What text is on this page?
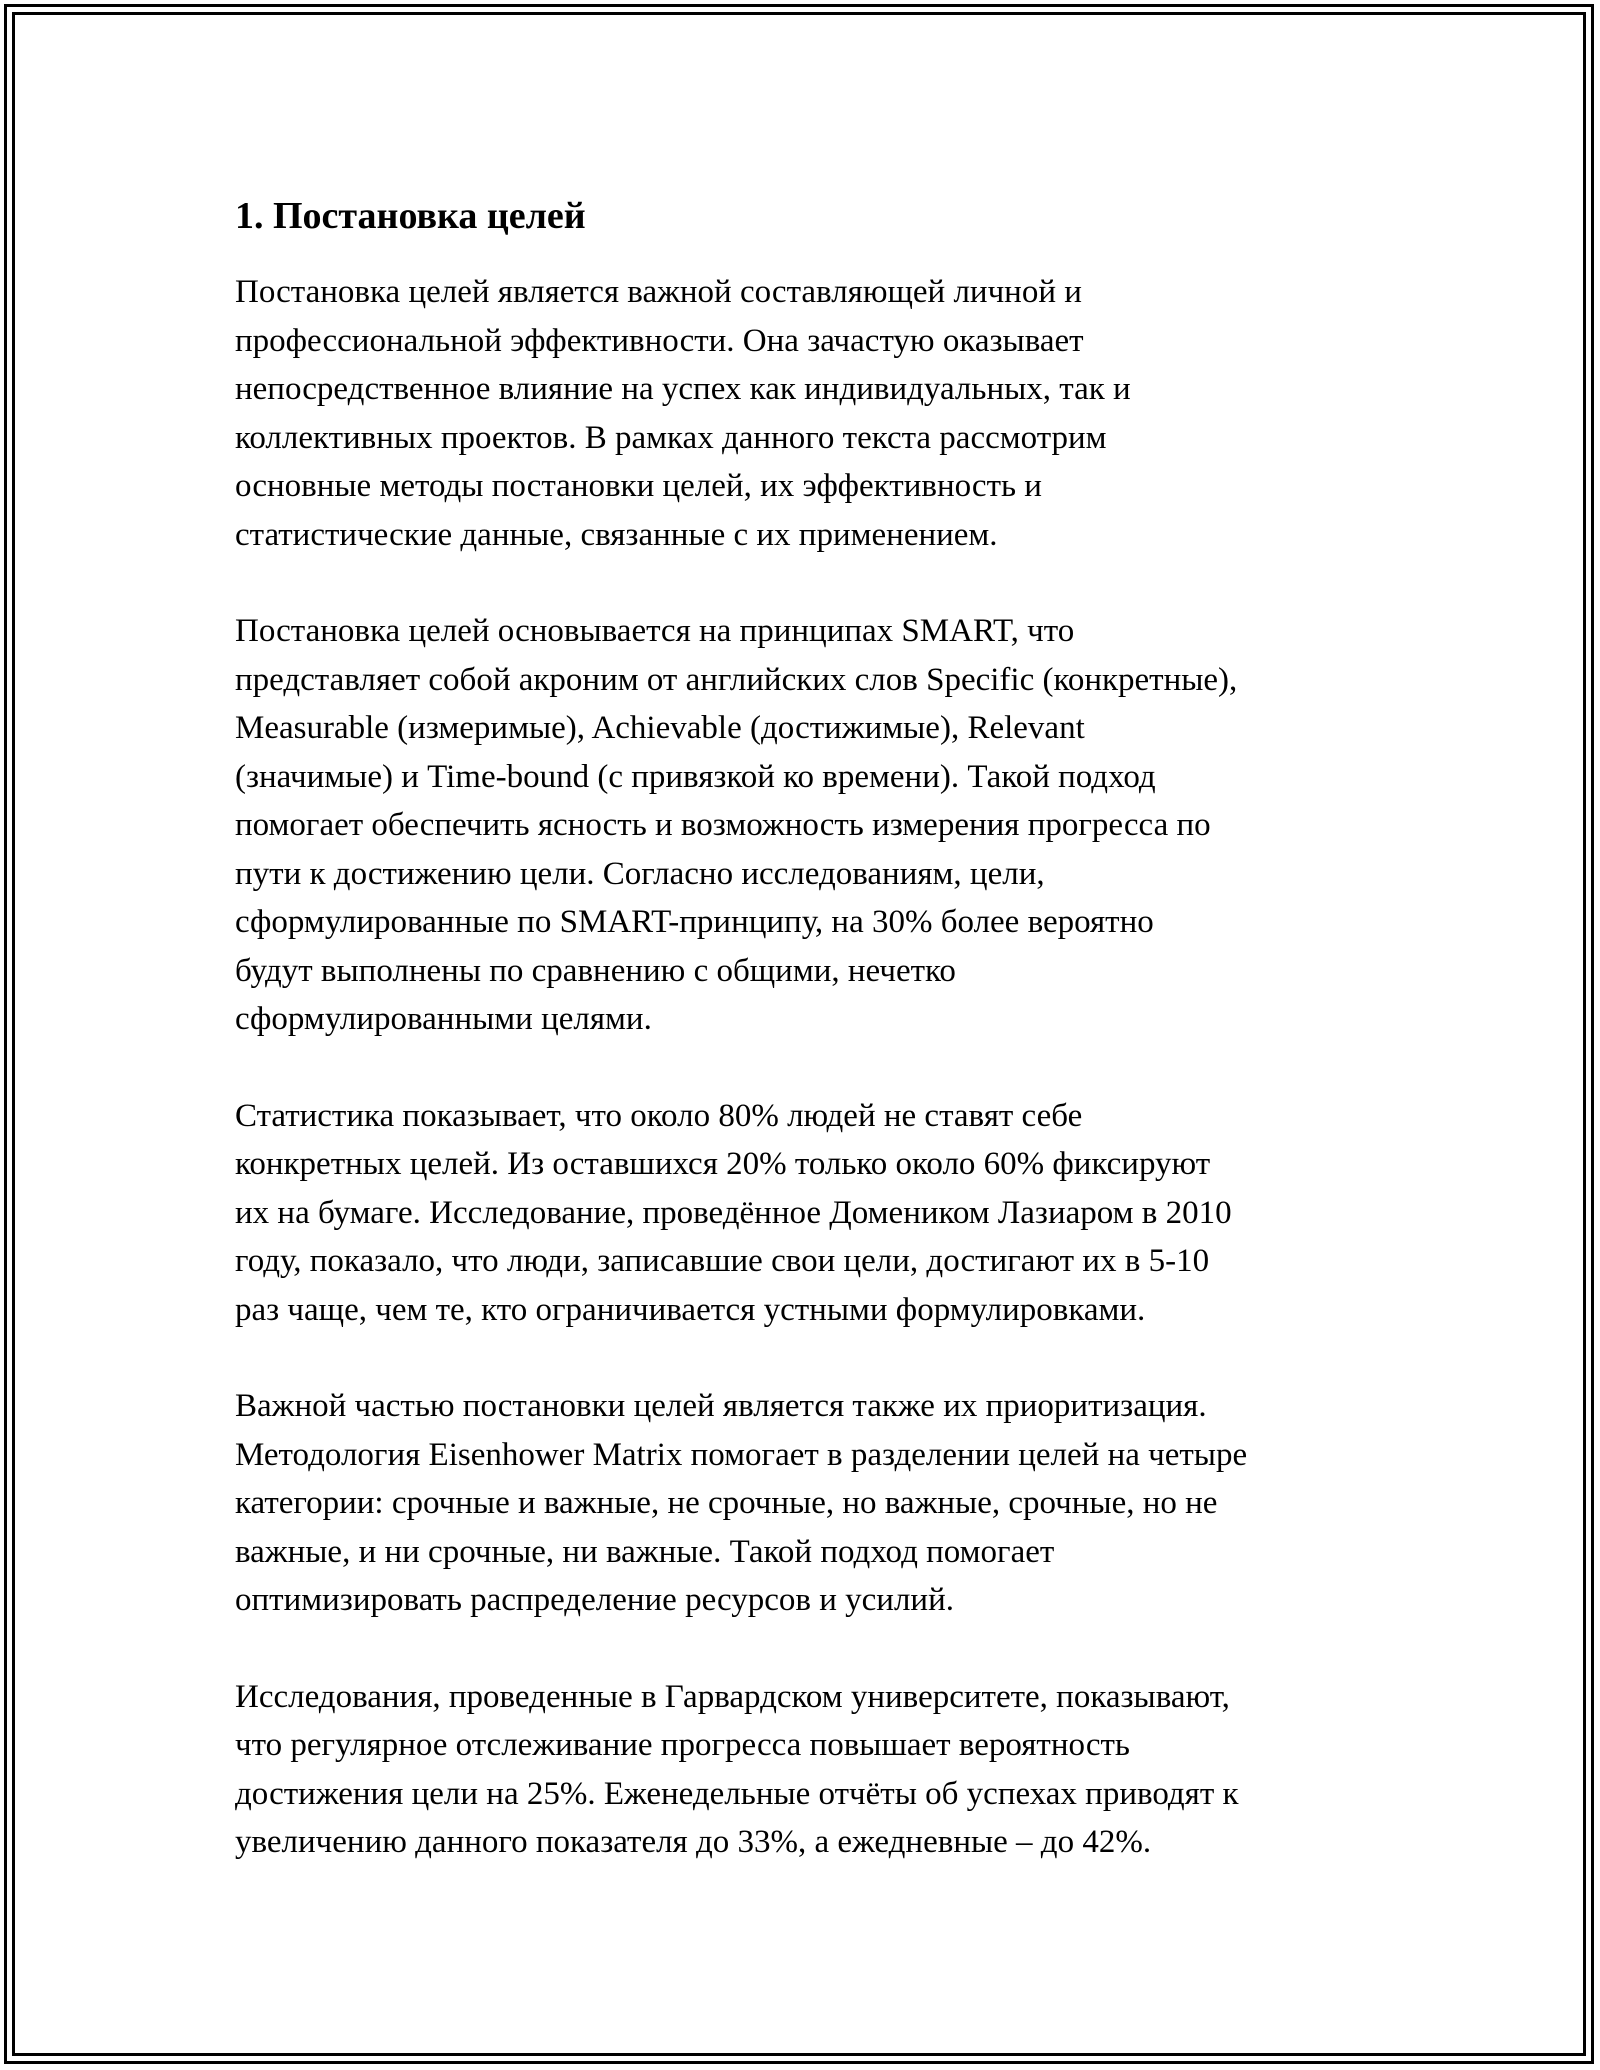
1. Постановка целей
Постановка целей является важной составляющей личной и
профессиональной эффективности. Она зачастую оказывает
непосредственное влияние на успех как индивидуальных, так и
коллективных проектов. В рамках данного текста рассмотрим
основные методы постановки целей, их эффективность и
статистические данные, связанные с их применением.
Постановка целей основывается на принципах SMART, что
представляет собой акроним от английских слов Specific (конкретные),
Measurable (измеримые), Achievable (достижимые), Relevant
(значимые) и Time-bound (с привязкой ко времени). Такой подход
помогает обеспечить ясность и возможность измерения прогресса по
пути к достижению цели. Согласно исследованиям, цели,
сформулированные по SMART-принципу, на 30% более вероятно
будут выполнены по сравнению с общими, нечетко
сформулированными целями.
Статистика показывает, что около 80% людей не ставят себе
конкретных целей. Из оставшихся 20% только около 60% фиксируют
их на бумаге. Исследование, проведённое Домеником Лазиаром в 2010
году, показало, что люди, записавшие свои цели, достигают их в 5-10
раз чаще, чем те, кто ограничивается устными формулировками.
Важной частью постановки целей является также их приоритизация.
Методология Eisenhower Matrix помогает в разделении целей на четыре
категории: срочные и важные, не срочные, но важные, срочные, но не
важные, и ни срочные, ни важные. Такой подход помогает
оптимизировать распределение ресурсов и усилий.
Исследования, проведенные в Гарвардском университете, показывают,
что регулярное отслеживание прогресса повышает вероятность
достижения цели на 25%. Еженедельные отчёты об успехах приводят к
увеличению данного показателя до 33%, а ежедневные – до 42%.
